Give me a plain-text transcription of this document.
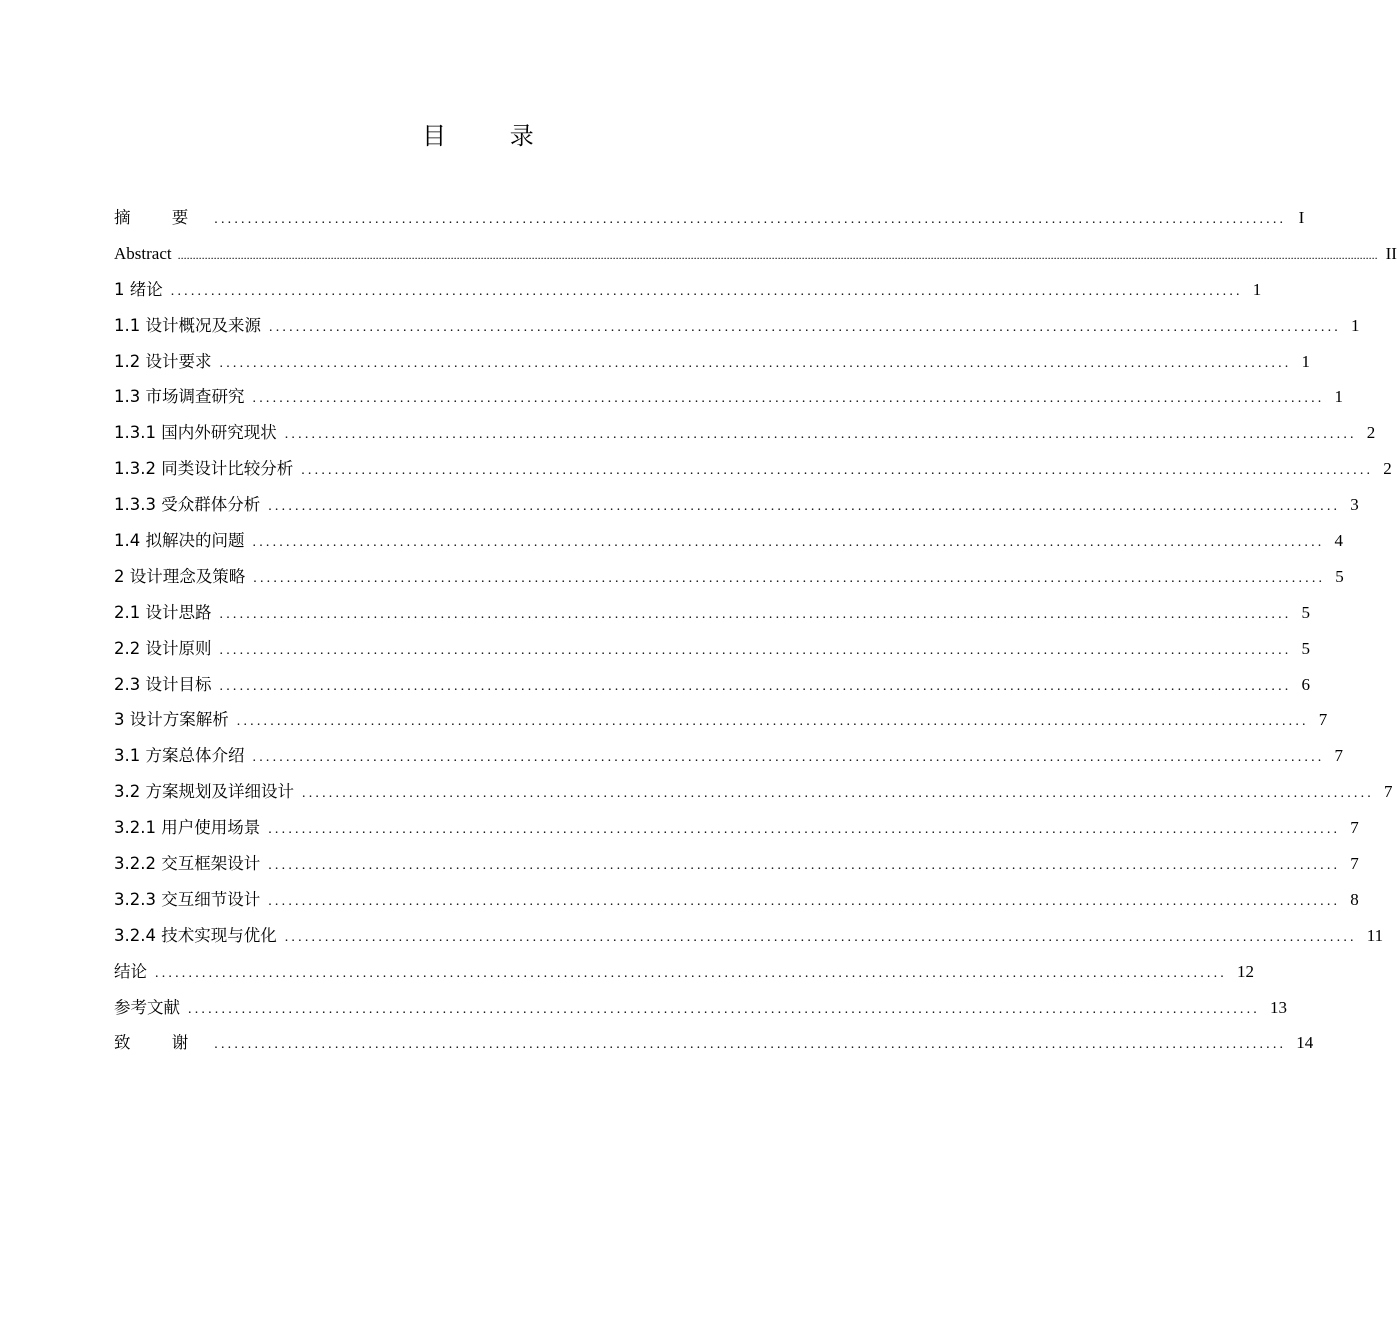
目 录
摘 要 ................................................................................................................................................................ I
Abstract ................................................................................................................................................................................................................................................................................................................................................................................................................ II
1 绪论 ................................................................................................................................................................ 1
1.1 设计概况及来源 ................................................................................................................................................................ 1
1.2 设计要求 ................................................................................................................................................................ 1
1.3 市场调查研究 ................................................................................................................................................................ 1
1.3.1 国内外研究现状 ................................................................................................................................................................ 2
1.3.2 同类设计比较分析 ................................................................................................................................................................ 2
1.3.3 受众群体分析 ................................................................................................................................................................ 3
1.4 拟解决的问题 ................................................................................................................................................................ 4
2 设计理念及策略 ................................................................................................................................................................ 5
2.1 设计思路 ................................................................................................................................................................ 5
2.2 设计原则 ................................................................................................................................................................ 5
2.3 设计目标 ................................................................................................................................................................ 6
3 设计方案解析 ................................................................................................................................................................ 7
3.1 方案总体介绍 ................................................................................................................................................................ 7
3.2 方案规划及详细设计 ................................................................................................................................................................ 7
3.2.1 用户使用场景 ................................................................................................................................................................ 7
3.2.2 交互框架设计 ................................................................................................................................................................ 7
3.2.3 交互细节设计 ................................................................................................................................................................ 8
3.2.4 技术实现与优化 ................................................................................................................................................................ 11
结论 ................................................................................................................................................................ 12
参考文献 ................................................................................................................................................................ 13
致 谢 ................................................................................................................................................................ 14
